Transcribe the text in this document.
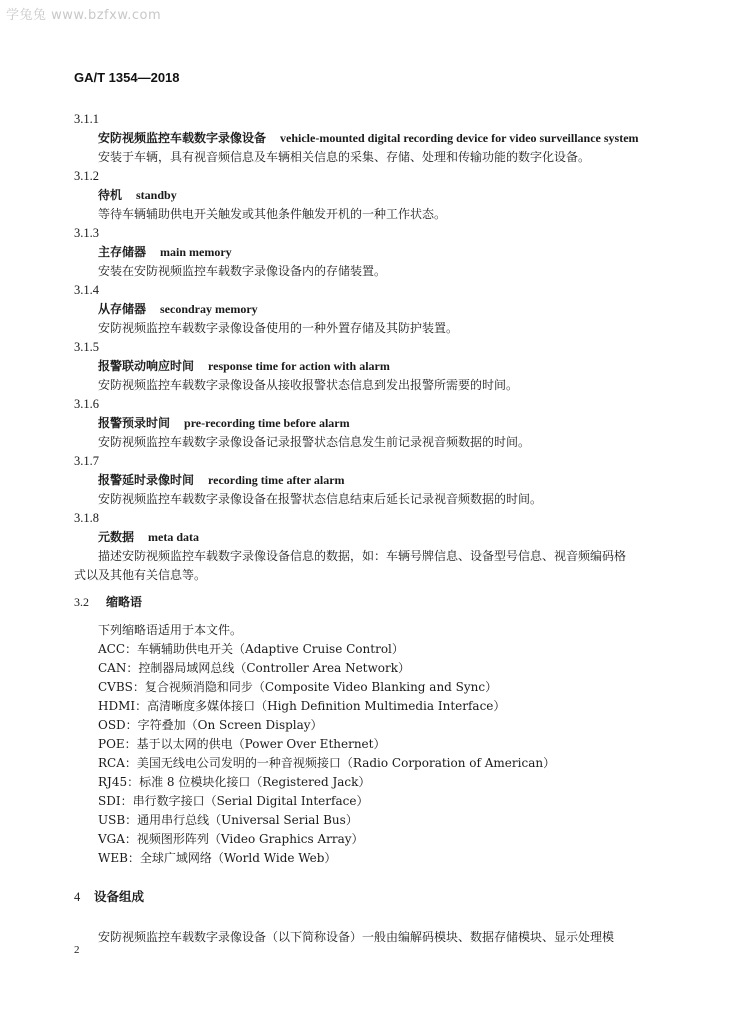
学兔兔 www.bzfxw.com
GA/T 1354—2018
3.1.1
安防视频监控车载数字录像设备 vehicle-mounted digital recording device for video surveillance system
安装于车辆，具有视音频信息及车辆相关信息的采集、存储、处理和传输功能的数字化设备。
3.1.2
待机 standby
等待车辆辅助供电开关触发或其他条件触发开机的一种工作状态。
3.1.3
主存储器 main memory
安装在安防视频监控车载数字录像设备内的存储装置。
3.1.4
从存储器 secondray memory
安防视频监控车载数字录像设备使用的一种外置存储及其防护装置。
3.1.5
报警联动响应时间 response time for action with alarm
安防视频监控车载数字录像设备从接收报警状态信息到发出报警所需要的时间。
3.1.6
报警预录时间 pre-recording time before alarm
安防视频监控车载数字录像设备记录报警状态信息发生前记录视音频数据的时间。
3.1.7
报警延时录像时间 recording time after alarm
安防视频监控车载数字录像设备在报警状态信息结束后延长记录视音频数据的时间。
3.1.8
元数据 meta data
描述安防视频监控车载数字录像设备信息的数据，如：车辆号牌信息、设备型号信息、视音频编码格
式以及其他有关信息等。
3.2 缩略语
下列缩略语适用于本文件。
ACC：车辆辅助供电开关（Adaptive Cruise Control）
CAN：控制器局域网总线（Controller Area Network）
CVBS：复合视频消隐和同步（Composite Video Blanking and Sync）
HDMI：高清晰度多媒体接口（High Definition Multimedia Interface）
OSD：字符叠加（On Screen Display）
POE：基于以太网的供电（Power Over Ethernet）
RCA：美国无线电公司发明的一种音视频接口（Radio Corporation of American）
RJ45：标准 8 位模块化接口（Registered Jack）
SDI：串行数字接口（Serial Digital Interface）
USB：通用串行总线（Universal Serial Bus）
VGA：视频图形阵列（Video Graphics Array）
WEB：全球广域网络（World Wide Web）
4 设备组成
安防视频监控车载数字录像设备（以下简称设备）一般由编解码模块、数据存储模块、显示处理模
2
